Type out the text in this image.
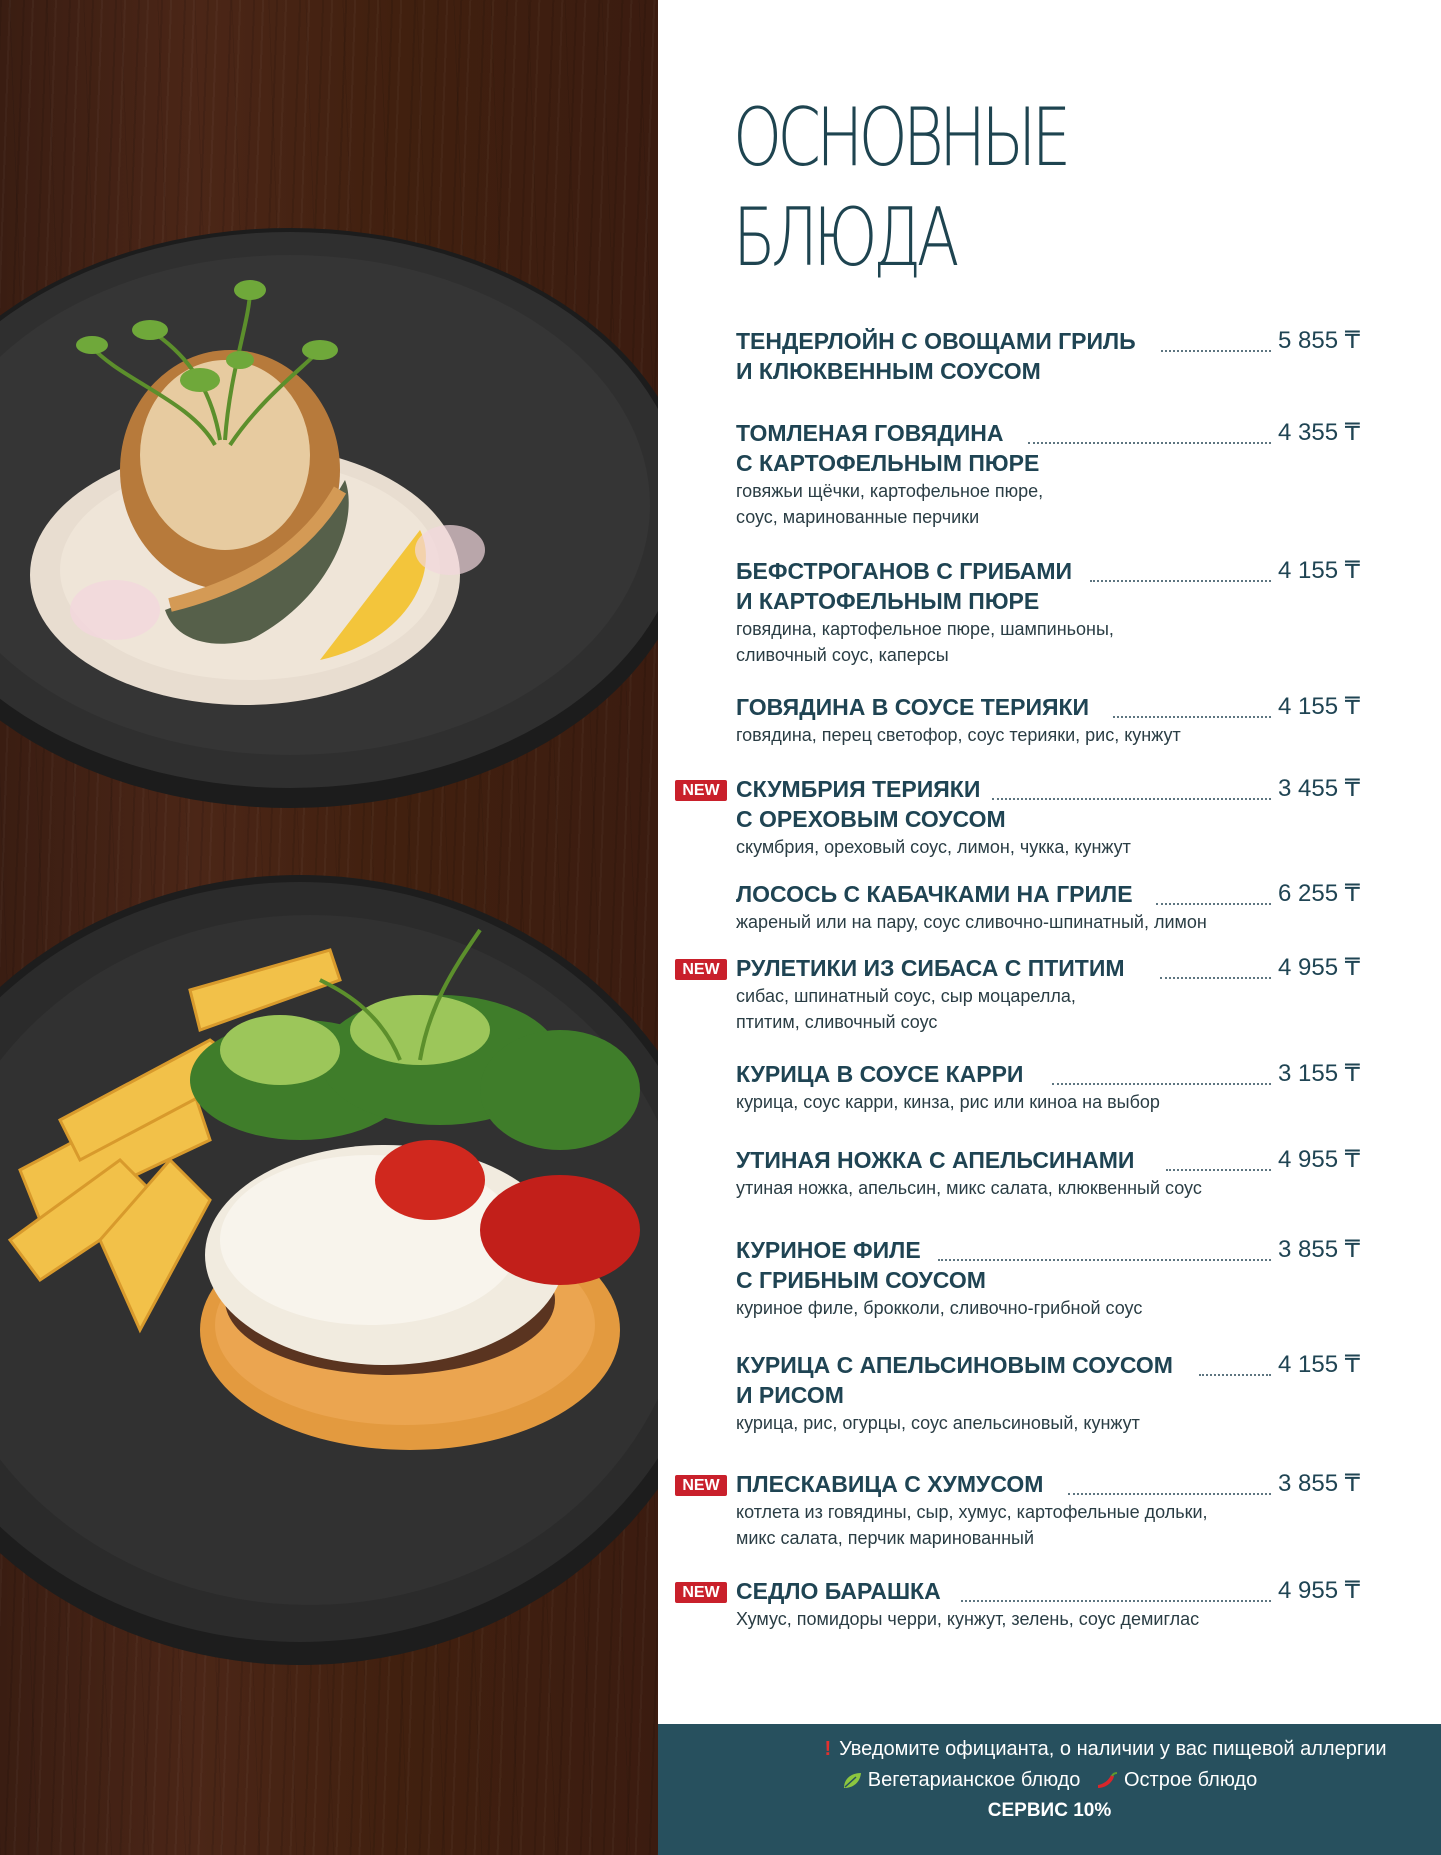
ОСНОВНЫЕ
БЛЮДА
ТЕНДЕРЛОЙН С ОВОЩАМИ ГРИЛЬ	5 855 ₸
И КЛЮКВЕННЫМ СОУСОМ
ТОМЛЕНАЯ ГОВЯДИНА	4 355 ₸
С КАРТОФЕЛЬНЫМ ПЮРЕ
говяжьи щёчки, картофельное пюре,
соус, маринованные перчики
БЕФСТРОГАНОВ С ГРИБАМИ	4 155 ₸
И КАРТОФЕЛЬНЫМ ПЮРЕ
говядина, картофельное пюре, шампиньоны,
сливочный соус, каперсы
ГОВЯДИНА В СОУСЕ ТЕРИЯКИ	4 155 ₸
говядина, перец светофор, соус терияки, рис, кунжут
NEW СКУМБРИЯ ТЕРИЯКИ	3 455 ₸
С ОРЕХОВЫМ СОУСОМ
скумбрия, ореховый соус, лимон, чукка, кунжут
ЛОСОСЬ С КАБАЧКАМИ НА ГРИЛЕ	6 255 ₸
жареный или на пару, соус сливочно-шпинатный, лимон
NEW РУЛЕТИКИ ИЗ СИБАСА С ПТИТИМ	4 955 ₸
сибас, шпинатный соус, сыр моцарелла,
птитим, сливочный соус
КУРИЦА В СОУСЕ КАРРИ	3 155 ₸
курица, соус карри, кинза, рис или киноа на выбор
УТИНАЯ НОЖКА С АПЕЛЬСИНАМИ	4 955 ₸
утиная ножка, апельсин, микс салата, клюквенный соус
КУРИНОЕ ФИЛЕ	3 855 ₸
С ГРИБНЫМ СОУСОМ
куриное филе, брокколи, сливочно-грибной соус
КУРИЦА С АПЕЛЬСИНОВЫМ СОУСОМ	4 155 ₸
И РИСОМ
курица, рис, огурцы, соус апельсиновый, кунжут
NEW ПЛЕСКАВИЦА С ХУМУСОМ	3 855 ₸
котлета из говядины, сыр, хумус, картофельные дольки,
микс салата, перчик маринованный
NEW СЕДЛО БАРАШКА	4 955 ₸
Хумус, помидоры черри, кунжут, зелень, соус демиглас
! Уведомите официанта, о наличии у вас пищевой аллергии
Вегетарианское блюдо Острое блюдо
СЕРВИС 10%
